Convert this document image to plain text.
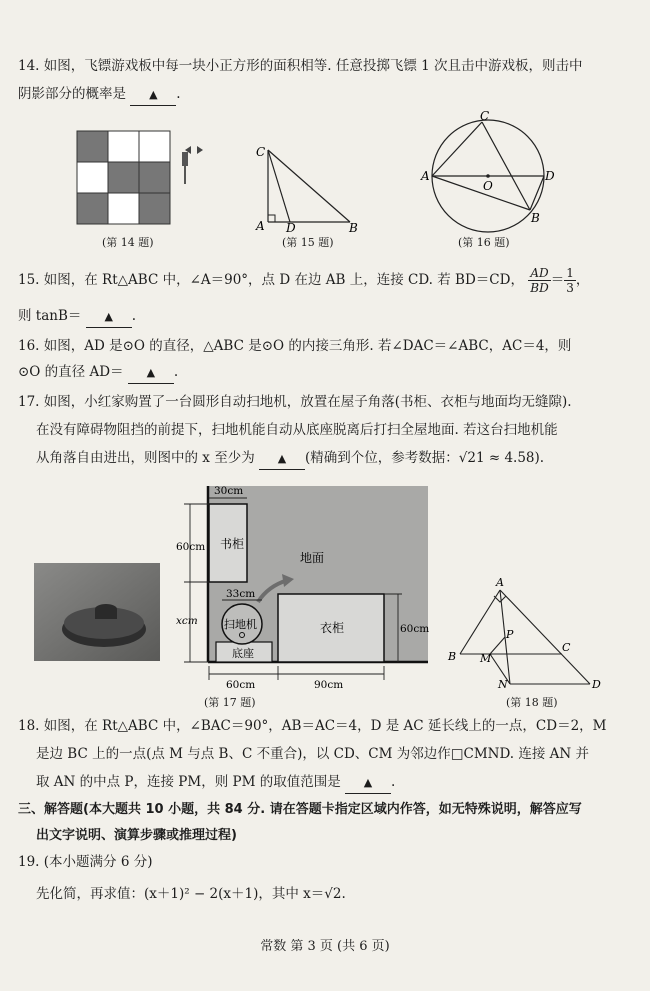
14. 如图，飞镖游戏板中每一块小正方形的面积相等. 任意投掷飞镖 1 次且击中游戏板，则击中
阴影部分的概率是 ▲ .
(第 14 题)
C
A D	B
(第 15 题)
C
A
O
D
B
(第 16 题)
15. 如图，在 Rt△ABC 中，∠A＝90°，点 D 在边 AB 上，连接 CD. 若 BD＝CD， $\frac{AD}{BD} = \frac{1}{3}$ ，
则 tanB＝ ▲ .
16. 如图，AD 是⊙O 的直径，△ABC 是⊙O 的内接三角形. 若∠DAC＝∠ABC，AC＝4，则
⊙O 的直径 AD＝ ▲ .
17. 如图，小红家购置了一台圆形自动扫地机，放置在屋子角落(书柜、衣柜与地面均无缝隙).
在没有障碍物阻挡的前提下，扫地机能自动从底座脱离后打扫全屋地面. 若这台扫地机能
从角落自由进出，则图中的 x 至少为 ▲ (精确到个位，参考数据：√21 ≈ 4.58).
30cm
60cm 书柜
地面
33cm
xcm 扫地机	衣柜	60cm
底座
60cm	90cm
(第 17 题)
A
P
B M
C
N	D
(第 18 题)
18. 如图，在 Rt△ABC 中，∠BAC＝90°，AB＝AC＝4，D 是 AC 延长线上的一点，CD＝2，M
是边 BC 上的一点(点 M 与点 B、C 不重合)，以 CD、CM 为邻边作□CMND. 连接 AN 并
取 AN 的中点 P，连接 PM，则 PM 的取值范围是 ▲ .
三、解答题(本大题共 10 小题，共 84 分. 请在答题卡指定区域内作答，如无特殊说明，解答应写
出文字说明、演算步骤或推理过程)
19. (本小题满分 6 分)
先化简，再求值：(x＋1)² − 2(x＋1)，其中 x＝√2.
常数 第 3 页 (共 6 页)
